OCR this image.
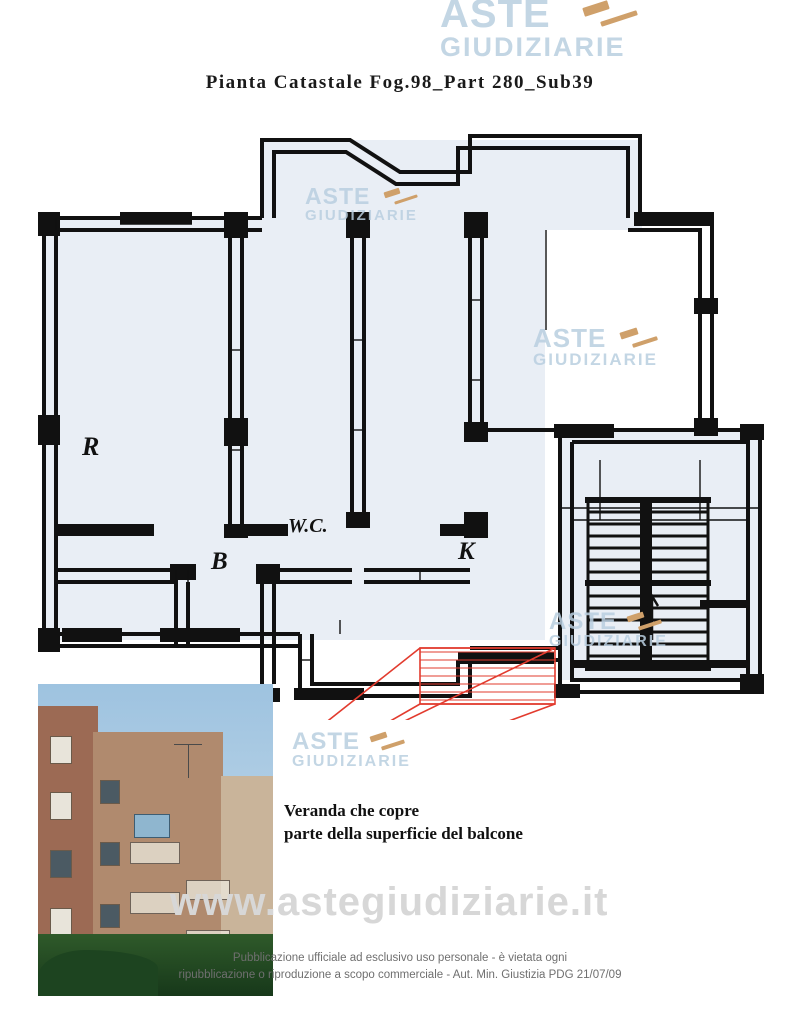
ASTE
GIUDIZIARIE
Pianta Catastale Fog.98_Part 280_Sub39
R
B
W.C.
K
ASTE
GIUDIZIARIE
ASTE
GIUDIZIARIE
ASTE
GIUDIZIARIE
ASTE
GIUDIZIARIE
Veranda che copre
parte della superficie del balcone
www.astegiudiziarie.it
Pubblicazione ufficiale ad esclusivo uso personale - è vietata ogni
ripubblicazione o riproduzione a scopo commerciale - Aut. Min. Giustizia PDG 21/07/09
